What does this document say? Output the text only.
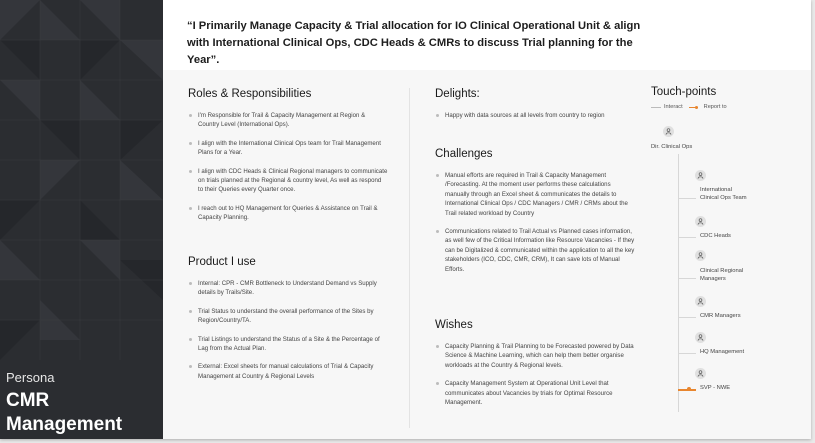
Persona
CMR
Management
“I Primarily Manage Capacity & Trial allocation for IO Clinical Operational Unit & align with International Clinical Ops, CDC Heads & CMRs to discuss Trial planning for the Year”.
Roles & Responsibilities
I'm Responsible for Trail & Capacity Management at Region & Country Level (International Ops).
I align with the International Clinical Ops team for Trail Management Plans for a Year.
I align with CDC Heads & Clinical Regional managers to communicate on trials planned at the Regional & country level, As well as respond to their Queries every Quarter once.
I reach out to HQ Management for Queries & Assistance on Trail & Capacity Planning.
Product I use
Internal: CPR - CMR Bottleneck to Understand Demand vs Supply details by Trails/Site.
Trial Status to understand the overall performance of the Sites by Region/Country/TA.
Trial Listings to understand the Status of a Site & the Percentage of Lag from the Actual Plan.
External: Excel sheets for manual calculations of Trial & Capacity Management at Country & Regional Levels
Delights:
Happy with data sources at all levels from country to region
Challenges
Manual efforts are required in Trail & Capacity Management /Forecasting. At the moment user performs these calculations manually through an Excel sheet & communicates the details to International Clinical Ops / CDC Managers / CMR / CRMs about the Trail related workload by Country
Communications related to Trail Actual vs Planned cases information, as well few of the Critical Information like Resource Vacancies - If they can be Digitalized & communicated within the application to all the key stakeholders (ICO, CDC, CMR, CRM), It can save lots of Manual Efforts.
Wishes
Capacity Planning & Trail Planning to be Forecasted powered by Data Science & Machine Learning, which can help them better organise workloads at the Country & Regional levels.
Capacity Management System at Operational Unit Level that communicates about Vacancies by trials for Optimal Resource Management.
Touch-points
Interact	Report to
Dir. Clinical Ops
International
Clinical Ops Team
CDC Heads
Clinical Regional
Managers
CMR Managers
HQ Management
SVP - NWE
